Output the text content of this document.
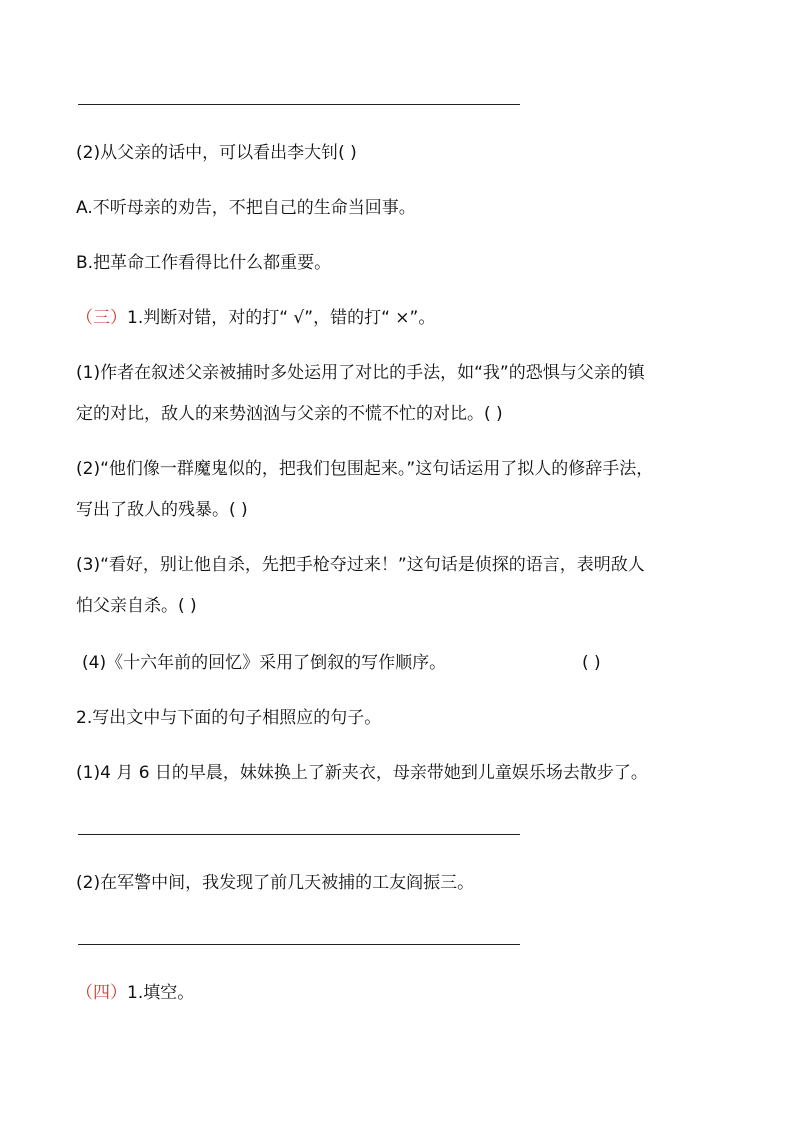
(2)从父亲的话中，可以看出李大钊( )
A.不听母亲的劝告，不把自己的生命当回事。
B.把革命工作看得比什么都重要。
（三）1.判断对错，对的打“ √”，错的打“ ×”。
(1)作者在叙述父亲被捕时多处运用了对比的手法，如“我”的恐惧与父亲的镇
定的对比，敌人的来势汹汹与父亲的不慌不忙的对比。( )
(2)“他们像一群魔鬼似的，把我们包围起来。”这句话运用了拟人的修辞手法，
写出了敌人的残暴。( )
(3)“看好，别让他自杀，先把手枪夺过来！”这句话是侦探的语言，表明敌人
怕父亲自杀。( )
(4)《十六年前的回忆》采用了倒叙的写作顺序。	( )
2.写出文中与下面的句子相照应的句子。
(1)4 月 6 日的早晨，妹妹换上了新夹衣，母亲带她到儿童娱乐场去散步了。
(2)在军警中间，我发现了前几天被捕的工友阎振三。
（四）1.填空。
